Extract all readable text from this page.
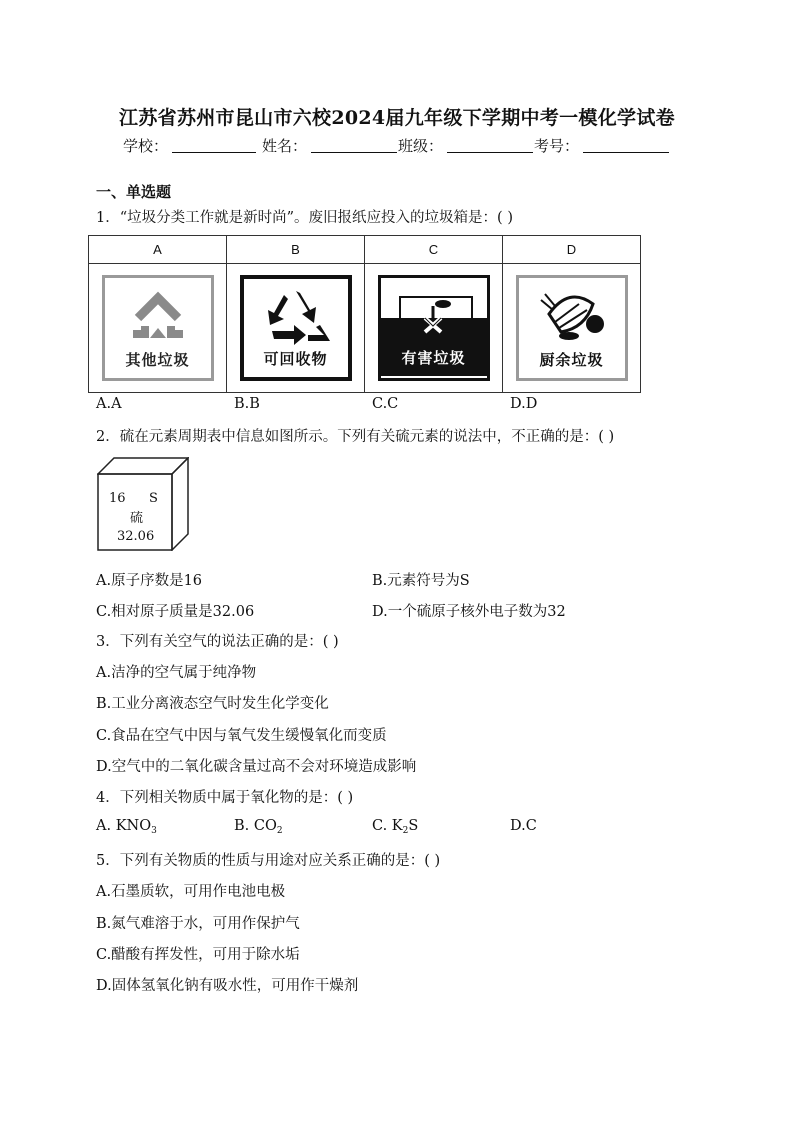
江苏省苏州市昆山市六校2024届九年级下学期中考一模化学试卷
学校：	姓名：	班级：	考号：
一、单选题
1．“垃圾分类工作就是新时尚”。废旧报纸应投入的垃圾箱是：( )
A	B	C	D

其他垃圾	可回收物	有害垃圾	厨余垃圾
A.A	B.B	C.C	D.D
2．硫在元素周期表中信息如图所示。下列有关硫元素的说法中，不正确的是：( )
16 S
硫
32.06
A.原子序数是16	B.元素符号为S
C.相对原子质量是32.06	D.一个硫原子核外电子数为32
3．下列有关空气的说法正确的是：( )
A.洁净的空气属于纯净物
B.工业分离液态空气时发生化学变化
C.食品在空气中因与氧气发生缓慢氧化而变质
D.空气中的二氧化碳含量过高不会对环境造成影响
4．下列相关物质中属于氧化物的是：( )
A. $KNO_3$	B. $CO_2$	C. $K_2S$	D.C
5．下列有关物质的性质与用途对应关系正确的是：( )
A.石墨质软，可用作电池电极
B.氮气难溶于水，可用作保护气
C.醋酸有挥发性，可用于除水垢
D.固体氢氧化钠有吸水性，可用作干燥剂
